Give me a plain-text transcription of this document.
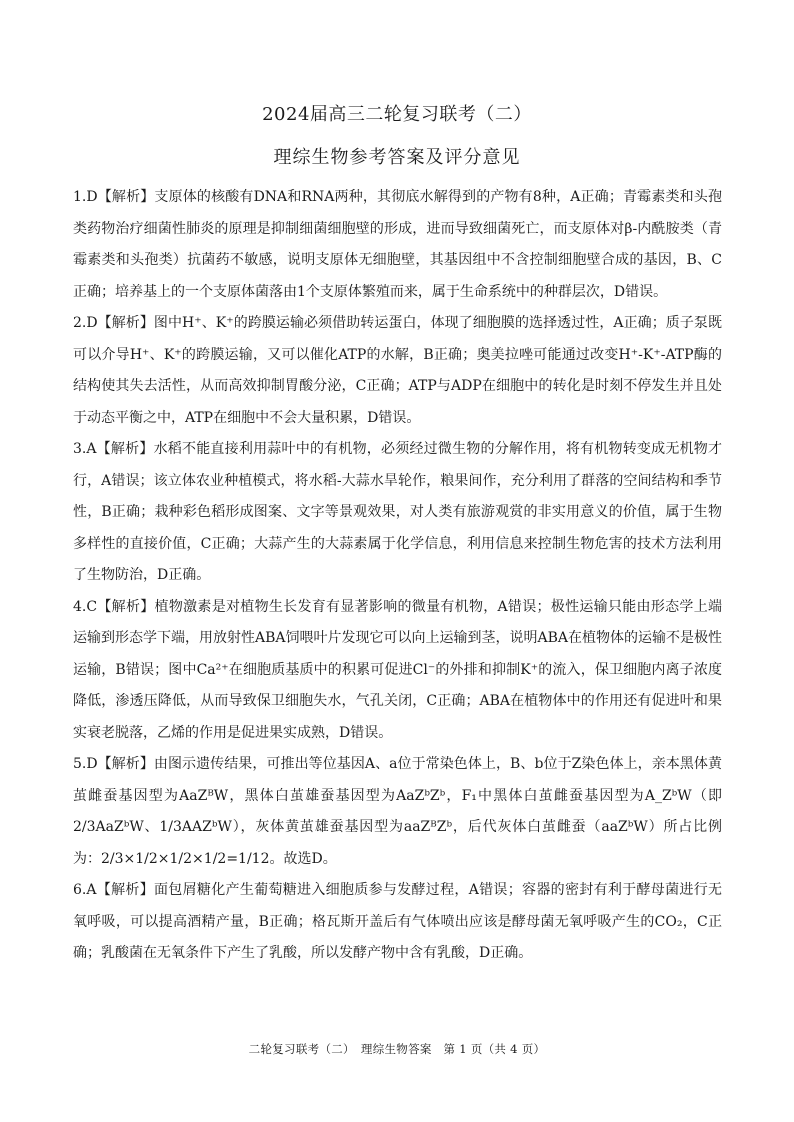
2024届高三二轮复习联考（二）
理综生物参考答案及评分意见

1.D【解析】支原体的核酸有DNA和RNA两种，其彻底水解得到的产物有8种，A正确；青霉素类和头孢类药物治疗细菌性肺炎的原理是抑制细菌细胞壁的形成，进而导致细菌死亡，而支原体对β-内酰胺类（青霉素类和头孢类）抗菌药不敏感，说明支原体无细胞壁，其基因组中不含控制细胞壁合成的基因，B、C正确；培养基上的一个支原体菌落由1个支原体繁殖而来，属于生命系统中的种群层次，D错误。

2.D【解析】图中H⁺、K⁺的跨膜运输必须借助转运蛋白，体现了细胞膜的选择透过性，A正确；质子泵既可以介导H⁺、K⁺的跨膜运输，又可以催化ATP的水解，B正确；奥美拉唑可能通过改变H⁺-K⁺-ATP酶的结构使其失去活性，从而高效抑制胃酸分泌，C正确；ATP与ADP在细胞中的转化是时刻不停发生并且处于动态平衡之中，ATP在细胞中不会大量积累，D错误。

3.A【解析】水稻不能直接利用蒜叶中的有机物，必须经过微生物的分解作用，将有机物转变成无机物才行，A错误；该立体农业种植模式，将水稻-大蒜水旱轮作，粮果间作，充分利用了群落的空间结构和季节性，B正确；栽种彩色稻形成图案、文字等景观效果，对人类有旅游观赏的非实用意义的价值，属于生物多样性的直接价值，C正确；大蒜产生的大蒜素属于化学信息，利用信息来控制生物危害的技术方法利用了生物防治，D正确。

4.C【解析】植物激素是对植物生长发育有显著影响的微量有机物，A错误；极性运输只能由形态学上端运输到形态学下端，用放射性ABA饲喂叶片发现它可以向上运输到茎，说明ABA在植物体的运输不是极性运输，B错误；图中Ca²⁺在细胞质基质中的积累可促进Cl⁻的外排和抑制K⁺的流入，保卫细胞内离子浓度降低，渗透压降低，从而导致保卫细胞失水，气孔关闭，C正确；ABA在植物体中的作用还有促进叶和果实衰老脱落，乙烯的作用是促进果实成熟，D错误。

5.D【解析】由图示遗传结果，可推出等位基因A、a位于常染色体上，B、b位于Z染色体上，亲本黑体黄茧雌蚕基因型为AaZᴮW，黑体白茧雄蚕基因型为AaZᵇZᵇ，F₁中黑体白茧雌蚕基因型为A_ZᵇW（即2/3AaZᵇW、1/3AAZᵇW），灰体黄茧雄蚕基因型为aaZᴮZᵇ，后代灰体白茧雌蚕（aaZᵇW）所占比例为：2/3×1/2×1/2×1/2=1/12。故选D。

6.A【解析】面包屑糖化产生葡萄糖进入细胞质参与发酵过程，A错误；容器的密封有利于酵母菌进行无氧呼吸，可以提高酒精产量，B正确；格瓦斯开盖后有气体喷出应该是酵母菌无氧呼吸产生的CO₂，C正确；乳酸菌在无氧条件下产生了乳酸，所以发酵产物中含有乳酸，D正确。

二轮复习联考（二）　理综生物答案　第 1 页（共 4 页）
